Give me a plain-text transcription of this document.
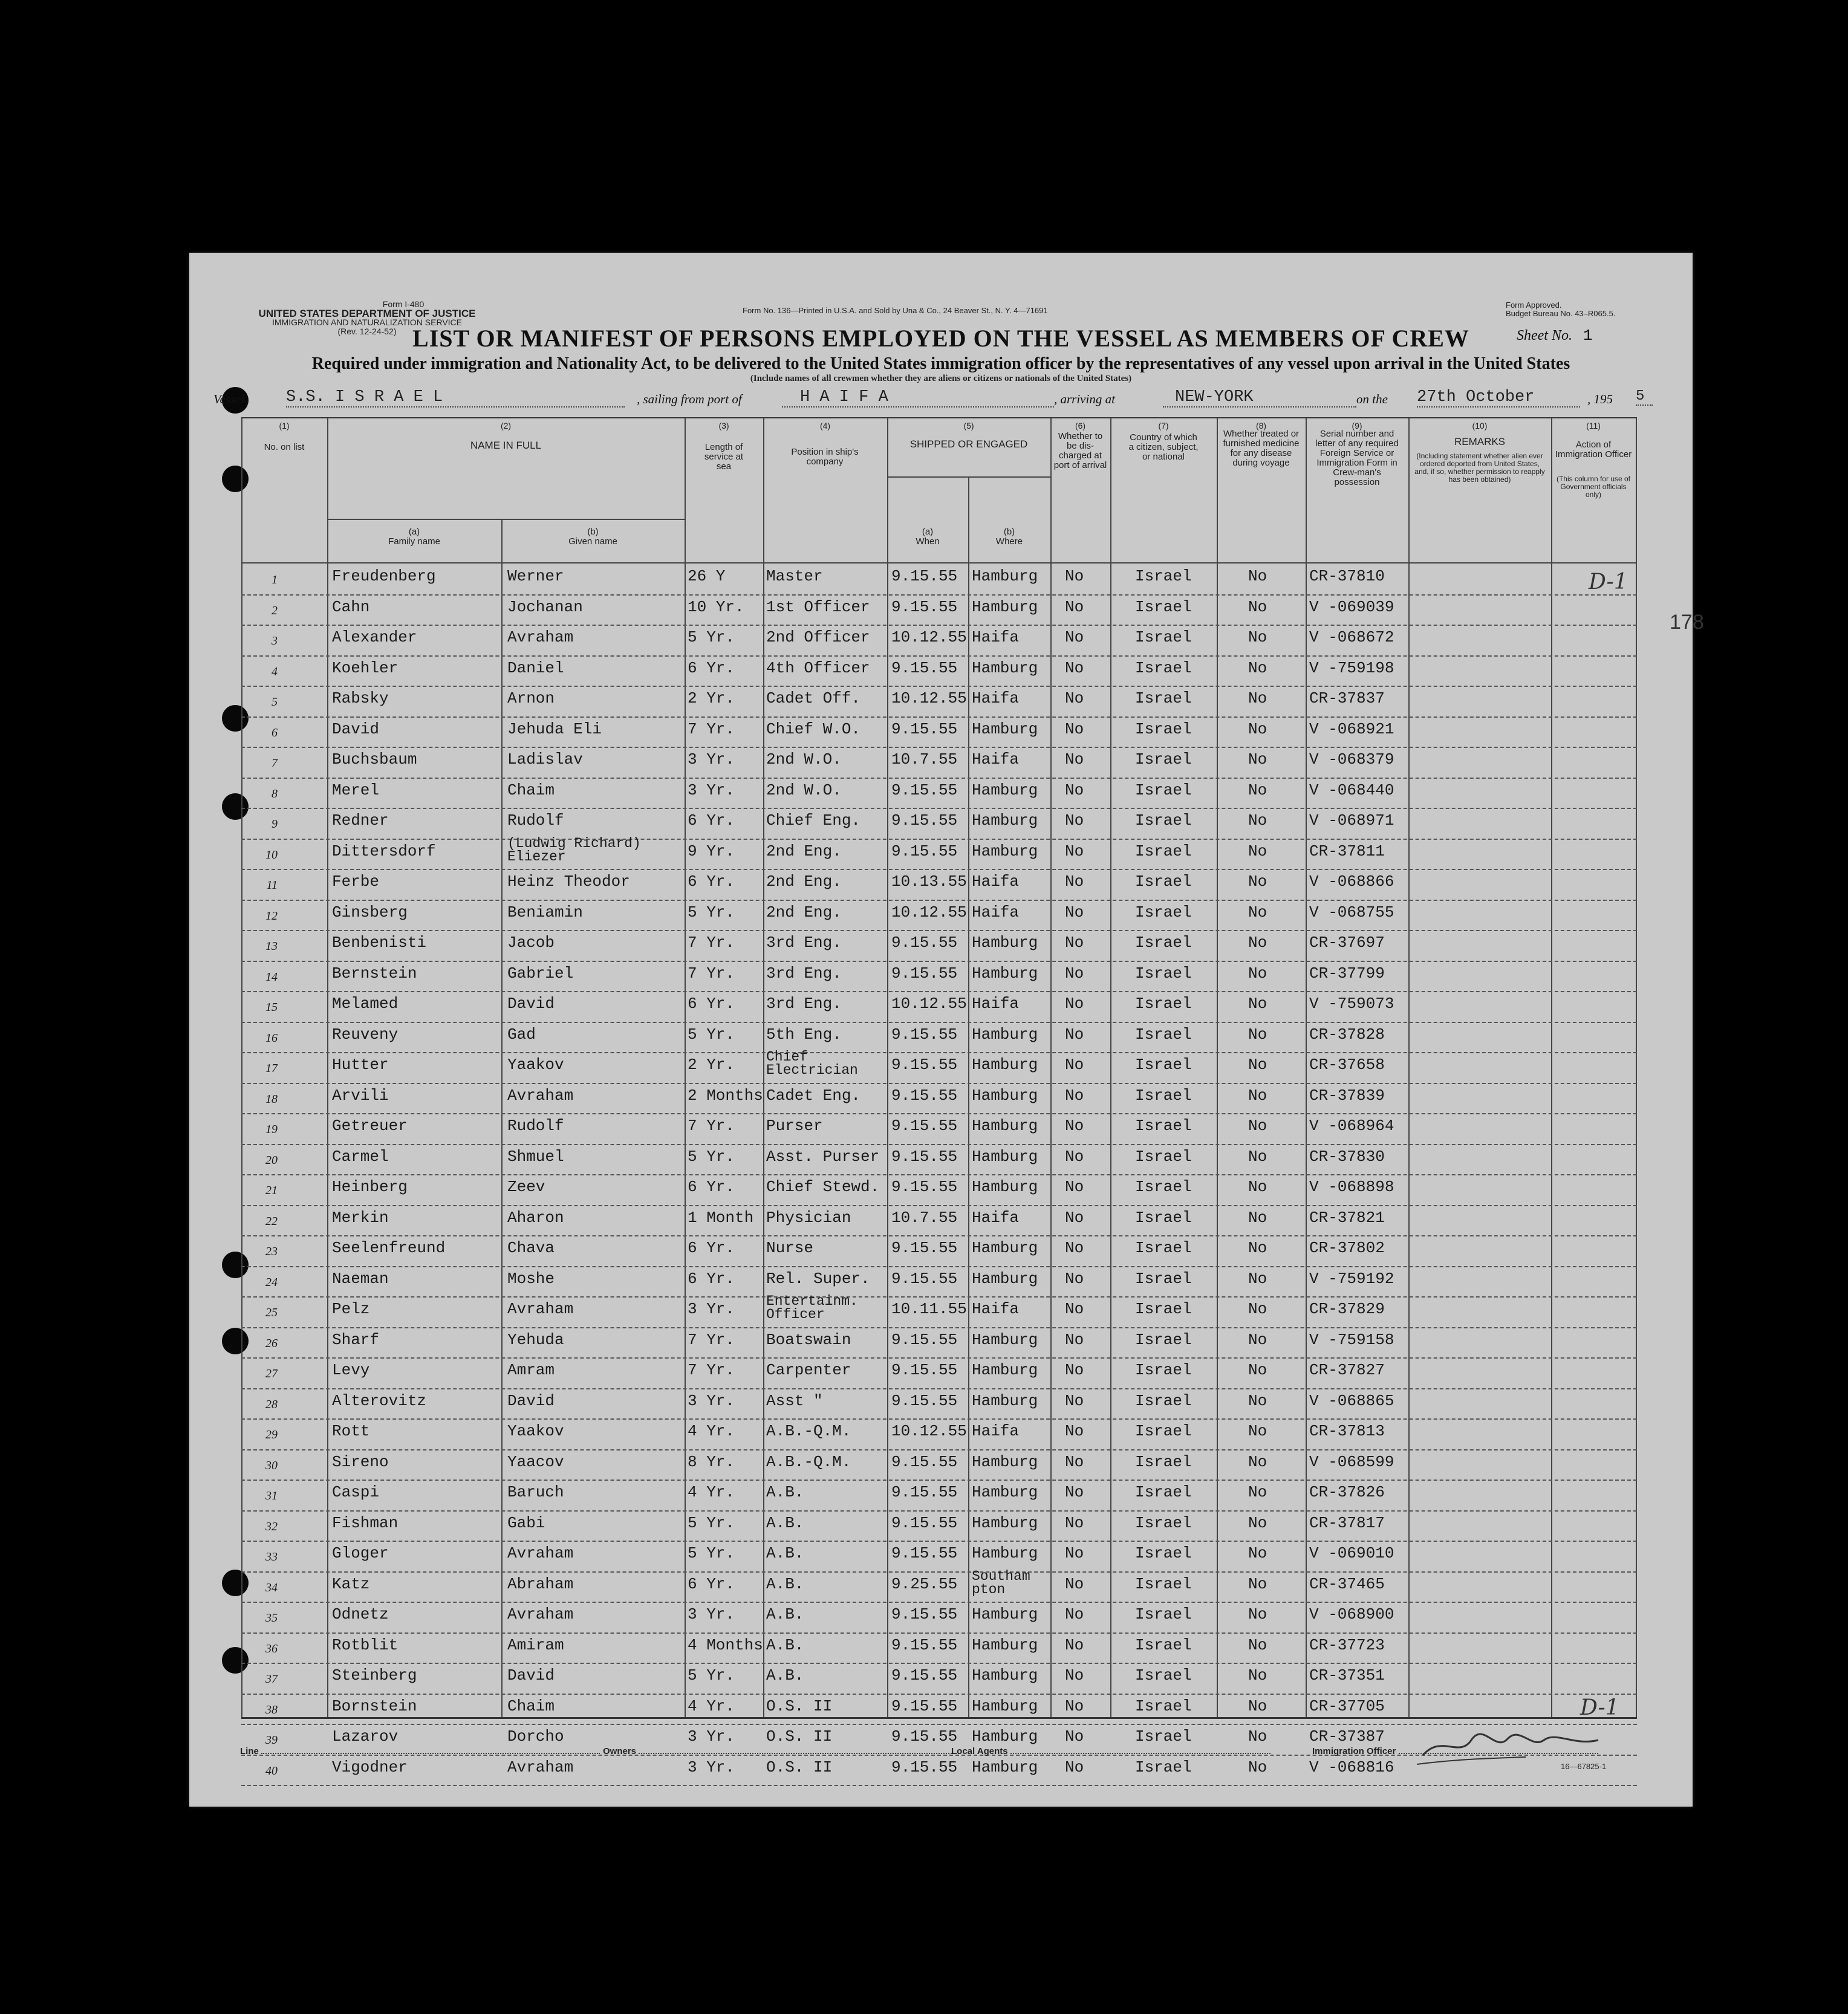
Form I-480
UNITED STATES DEPARTMENT OF JUSTICE
IMMIGRATION AND NATURALIZATION SERVICE
(Rev. 12-24-52)
Form No. 136—Printed in U.S.A. and Sold by Una & Co., 24 Beaver St., N. Y. 4—71691
Form Approved.
Budget Bureau No. 43–R065.5.
LIST OR MANIFEST OF PERSONS EMPLOYED ON THE VESSEL AS MEMBERS OF CREW	Sheet No. 1
Required under immigration and Nationality Act, to be delivered to the United States immigration officer by the representatives of any vessel upon arrival in the United States
(Include names of all crewmen whether they are aliens or citizens or nationals of the United States)
Vessel	S.S. I S R A E L	, sailing from port of	H A I F A	, arriving at	NEW-YORK	on the 27th October	, 195 5
(1)
No. on list
(2)
NAME IN FULL
(a)
Family name
(b)
Given name
(3)
Length of service at sea
(4)
Position in ship's company
(5)
SHIPPED OR ENGAGED
(a)
When
(b)
Where
(6)
Whether to be dis-charged at port of arrival
(7)
Country of which a citizen, subject, or national
(8)
Whether treated or furnished medicine for any disease during voyage
(9)
Serial number and letter of any required Foreign Service or Immigration Form in Crew-man's possession
(10)
REMARKS
(Including statement whether alien ever ordered deported from United States, and, if so, whether permission to reapply has been obtained)
(11)
Action of Immigration Officer
(This column for use of Government officials only)
1	Freudenberg	Werner	26 Y	Master	9.15.55 Hamburg	No	Israel	No	CR-37810
2	Cahn	Jochanan	10 Yr.	1st Officer	9.15.55 Hamburg	No	Israel	No	V -069039
3	Alexander	Avraham	5 Yr.	2nd Officer	10.12.55 Haifa	No	Israel	No	V -068672
4	Koehler	Daniel	6 Yr.	4th Officer	9.15.55 Hamburg	No	Israel	No	V -759198
5	Rabsky	Arnon	2 Yr.	Cadet Off.	10.12.55 Haifa	No	Israel	No	CR-37837
6	David	Jehuda Eli	7 Yr.	Chief W.O.	9.15.55 Hamburg	No	Israel	No	V -068921
7	Buchsbaum	Ladislav	3 Yr.	2nd W.O.	10.7.55 Haifa	No	Israel	No	V -068379
8	Merel	Chaim	3 Yr.	2nd W.O.	9.15.55 Hamburg	No	Israel	No	V -068440
9	Redner	Rudolf	6 Yr.	Chief Eng.	9.15.55 Hamburg	No	Israel	No	V -068971
10	Dittersdorf	(Ludwig Richard)
Eliezer	9 Yr.	2nd Eng.	9.15.55 Hamburg	No	Israel	No	CR-37811
11	Ferbe	Heinz Theodor	6 Yr.	2nd Eng.	10.13.55 Haifa	No	Israel	No	V -068866
12	Ginsberg	Beniamin	5 Yr.	2nd Eng.	10.12.55 Haifa	No	Israel	No	V -068755
13	Benbenisti	Jacob	7 Yr.	3rd Eng.	9.15.55 Hamburg	No	Israel	No	CR-37697
14	Bernstein	Gabriel	7 Yr.	3rd Eng.	9.15.55 Hamburg	No	Israel	No	CR-37799
15	Melamed	David	6 Yr.	3rd Eng.	10.12.55 Haifa	No	Israel	No	V -759073
16	Reuveny	Gad	5 Yr.	5th Eng.	9.15.55 Hamburg	No	Israel	No	CR-37828
17	Hutter	Yaakov	2 Yr.	Chief
Electrician	9.15.55 Hamburg	No	Israel	No	CR-37658
18	Arvili	Avraham	2 Months Cadet Eng.	9.15.55 Hamburg	No	Israel	No	CR-37839
19	Getreuer	Rudolf	7 Yr.	Purser	9.15.55 Hamburg	No	Israel	No	V -068964
20	Carmel	Shmuel	5 Yr.	Asst. Purser 9.15.55 Hamburg	No	Israel	No	CR-37830
21	Heinberg	Zeev	6 Yr.	Chief Stewd. 9.15.55 Hamburg	No	Israel	No	V -068898
22	Merkin	Aharon	1 Month Physician	10.7.55 Haifa	No	Israel	No	CR-37821
23	Seelenfreund	Chava	6 Yr.	Nurse	9.15.55 Hamburg	No	Israel	No	CR-37802
24	Naeman	Moshe	6 Yr.	Rel. Super.	9.15.55 Hamburg	No	Israel	No	V -759192
25	Pelz	Avraham	3 Yr.	Entertainm.
Officer	10.11.55 Haifa	No	Israel	No	CR-37829
26	Sharf	Yehuda	7 Yr.	Boatswain	9.15.55 Hamburg	No	Israel	No	V -759158
27	Levy	Amram	7 Yr.	Carpenter	9.15.55 Hamburg	No	Israel	No	CR-37827
28	Alterovitz	David	3 Yr.	Asst "	9.15.55 Hamburg	No	Israel	No	V -068865
29	Rott	Yaakov	4 Yr.	A.B.-Q.M.	10.12.55 Haifa	No	Israel	No	CR-37813
30	Sireno	Yaacov	8 Yr.	A.B.-Q.M.	9.15.55 Hamburg	No	Israel	No	V -068599
31	Caspi	Baruch	4 Yr.	A.B.	9.15.55 Hamburg	No	Israel	No	CR-37826
32	Fishman	Gabi	5 Yr.	A.B.	9.15.55 Hamburg	No	Israel	No	CR-37817
33	Gloger	Avraham	5 Yr.	A.B.	9.15.55 Hamburg	No	Israel	No	V -069010
34	Katz	Abraham	6 Yr.	A.B.	9.25.55	Southam
pton	No	Israel	No	CR-37465
35	Odnetz	Avraham	3 Yr.	A.B.	9.15.55 Hamburg	No	Israel	No	V -068900
36	Rotblit	Amiram	4 Months A.B.	9.15.55 Hamburg	No	Israel	No	CR-37723
37	Steinberg	David	5 Yr.	A.B.	9.15.55 Hamburg	No	Israel	No	CR-37351
38	Bornstein	Chaim	4 Yr.	O.S. II	9.15.55 Hamburg	No	Israel	No	CR-37705
39	Lazarov	Dorcho	3 Yr.	O.S. II	9.15.55 Hamburg	No	Israel	No	CR-37387
40	Vigodner	Avraham	3 Yr.	O.S. II	9.15.55 Hamburg	No	Israel	No	V -068816
D-1
178
D-1
Line	Owners	Local Agents	Immigration Officer
16—67825-1
